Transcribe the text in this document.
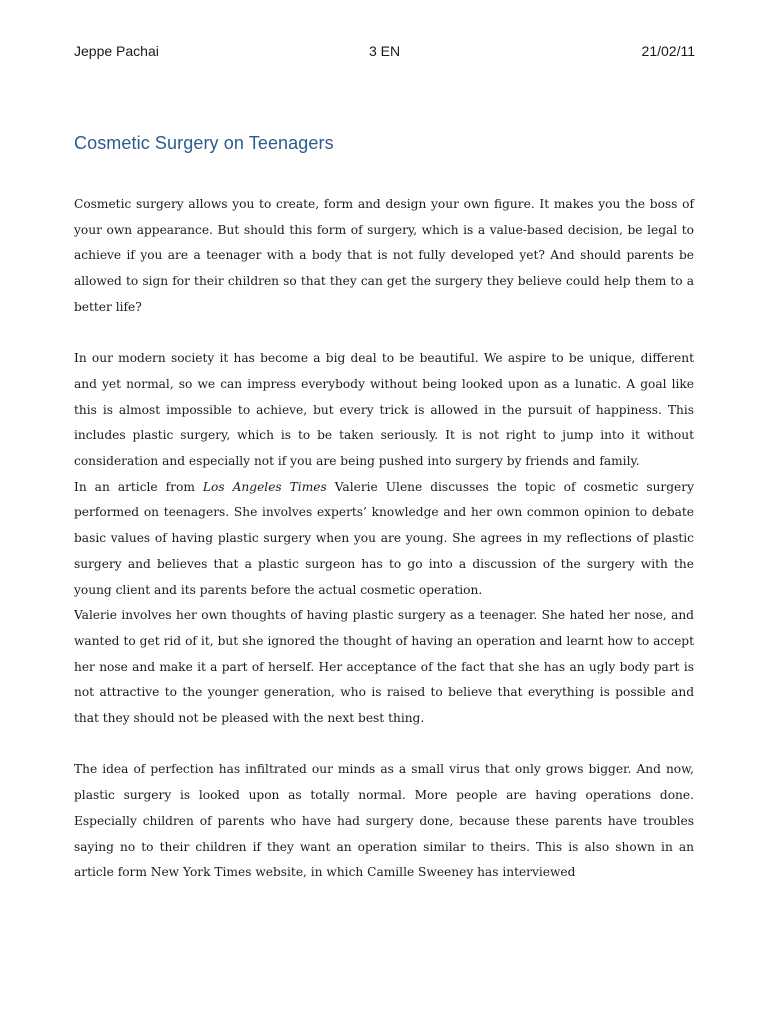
Jeppe Pachai	3 EN	21/02/11
Cosmetic Surgery on Teenagers

Cosmetic surgery allows you to create, form and design your own figure. It makes you the boss of your own appearance. But should this form of surgery, which is a value-based decision, be legal to achieve if you are a teenager with a body that is not fully developed yet? And should parents be allowed to sign for their children so that they can get the surgery they believe could help them to a better life?

In our modern society it has become a big deal to be beautiful. We aspire to be unique, different and yet normal, so we can impress everybody without being looked upon as a lunatic. A goal like this is almost impossible to achieve, but every trick is allowed in the pursuit of happiness. This includes plastic surgery, which is to be taken seriously. It is not right to jump into it without consideration and especially not if you are being pushed into surgery by friends and family.

In an article from Los Angeles Times Valerie Ulene discusses the topic of cosmetic surgery performed on teenagers. She involves experts’ knowledge and her own common opinion to debate basic values of having plastic surgery when you are young. She agrees in my reflections of plastic surgery and believes that a plastic surgeon has to go into a discussion of the surgery with the young client and its parents before the actual cosmetic operation.

Valerie involves her own thoughts of having plastic surgery as a teenager. She hated her nose, and wanted to get rid of it, but she ignored the thought of having an operation and learnt how to accept her nose and make it a part of herself. Her acceptance of the fact that she has an ugly body part is not attractive to the younger generation, who is raised to believe that everything is possible and that they should not be pleased with the next best thing.

The idea of perfection has infiltrated our minds as a small virus that only grows bigger. And now, plastic surgery is looked upon as totally normal. More people are having operations done. Especially children of parents who have had surgery done, because these parents have troubles saying no to their children if they want an operation similar to theirs. This is also shown in an article form New York Times website, in which Camille Sweeney has interviewed
